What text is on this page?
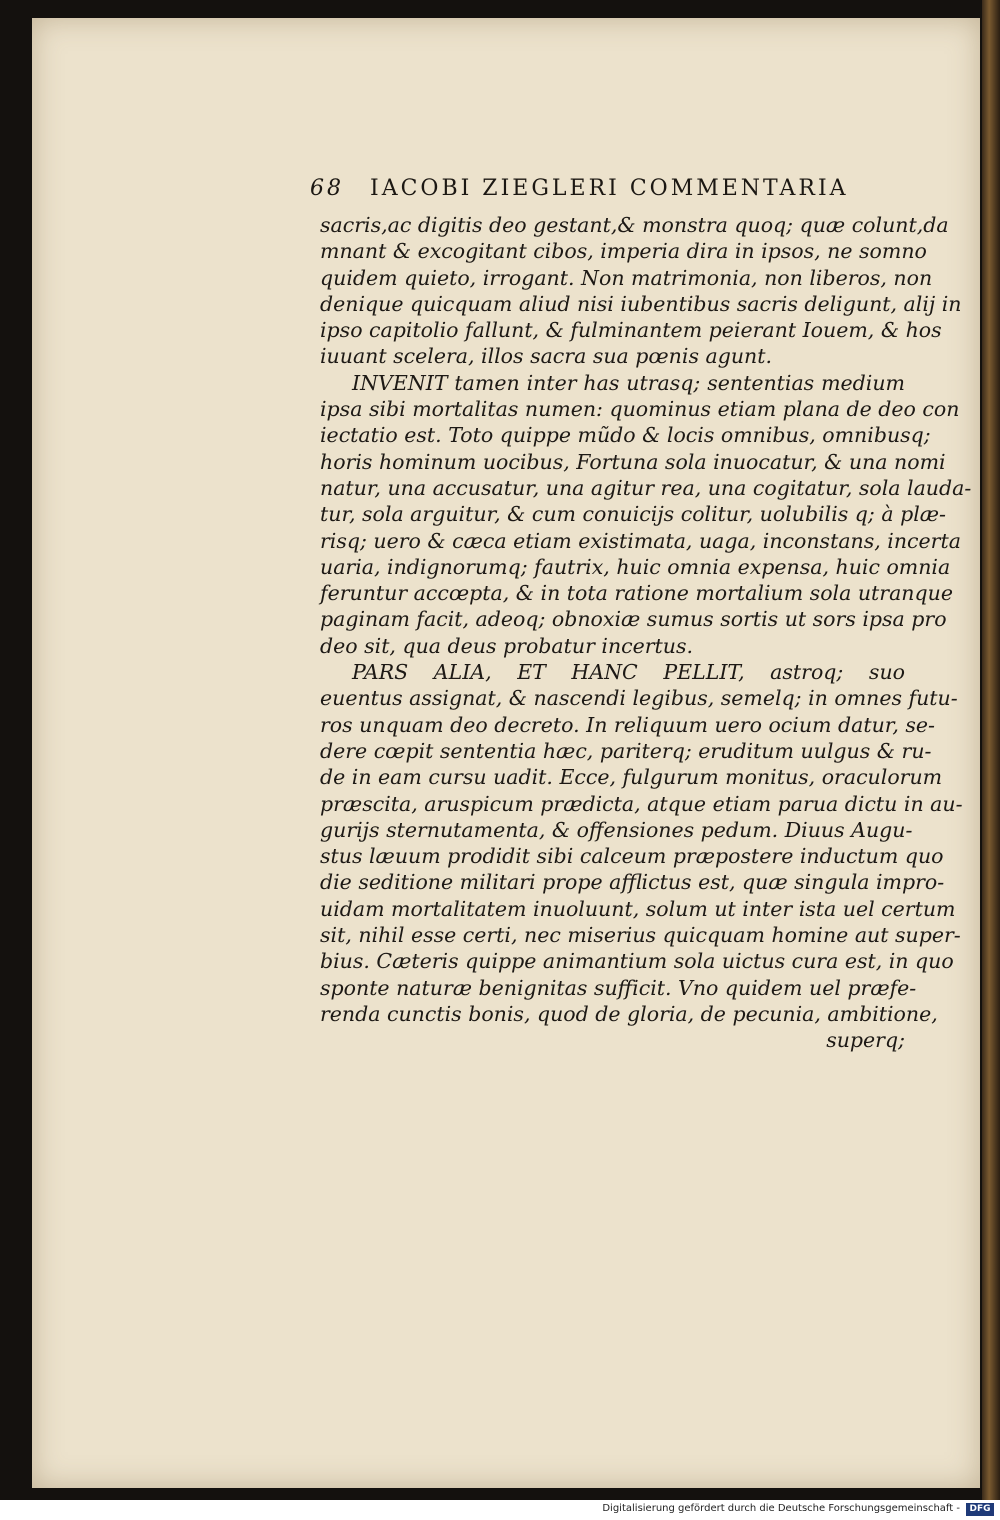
68 IACOBI ZIEGLERI COMMENTARIA
sacris,ac digitis deo gestant,& monstra quoq; quæ colunt,da
mnant & excogitant cibos, imperia dira in ipsos, ne somno
quidem quieto, irrogant. Non matrimonia, non liberos, non
denique quicquam aliud nisi iubentibus sacris deligunt, alij in
ipso capitolio fallunt, & fulminantem peierant Iouem, & hos
iuuant scelera, illos sacra sua pœnis agunt.
INVENIT tamen inter has utrasq; sententias medium
ipsa sibi mortalitas numen: quominus etiam plana de deo con
iectatio est. Toto quippe mũdo & locis omnibus, omnibusq;
horis hominum uocibus, Fortuna sola inuocatur, & una nomi
natur, una accusatur, una agitur rea, una cogitatur, sola lauda-
tur, sola arguitur, & cum conuicijs colitur, uolubilis q; à plæ-
risq; uero & cæca etiam existimata, uaga, inconstans, incerta
uaria, indignorumq; fautrix, huic omnia expensa, huic omnia
feruntur accœpta, & in tota ratione mortalium sola utranque
paginam facit, adeoq; obnoxiæ sumus sortis ut sors ipsa pro
deo sit, qua deus probatur incertus.
PARS ALIA, ET HANC PELLIT, astroq; suo
euentus assignat, & nascendi legibus, semelq; in omnes futu-
ros unquam deo decreto. In reliquum uero ocium datur, se-
dere cœpit sententia hæc, pariterq; eruditum uulgus & ru-
de in eam cursu uadit. Ecce, fulgurum monitus, oraculorum
præscita, aruspicum prædicta, atque etiam parua dictu in au-
gurijs sternutamenta, & offensiones pedum. Diuus Augu-
stus læuum prodidit sibi calceum præpostere inductum quo
die seditione militari prope afflictus est, quæ singula impro-
uidam mortalitatem inuoluunt, solum ut inter ista uel certum
sit, nihil esse certi, nec miserius quicquam homine aut super-
bius. Cæteris quippe animantium sola uictus cura est, in quo
sponte naturæ benignitas sufficit. Vno quidem uel præfe-
renda cunctis bonis, quod de gloria, de pecunia, ambitione,
superq;
Digitalisierung gefördert durch die Deutsche Forschungsgemeinschaft -	DFG
